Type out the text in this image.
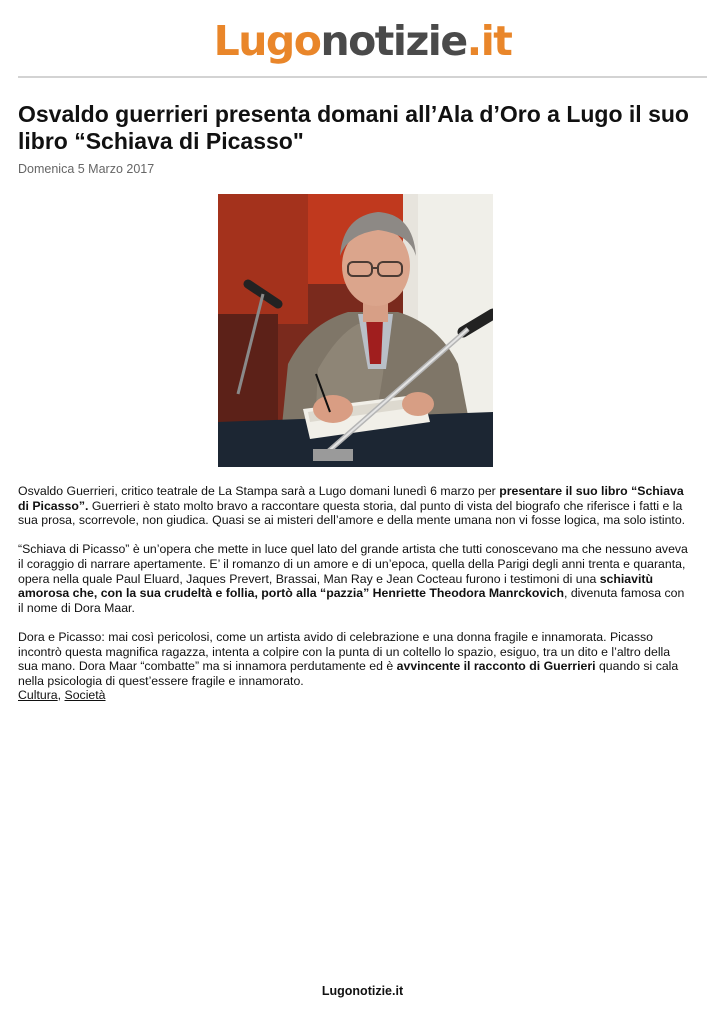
Lugonotizie.it
Osvaldo guerrieri presenta domani all’Ala d’Oro a Lugo il suo libro “Schiava di Picasso"
Domenica 5 Marzo 2017

Osvaldo Guerrieri, critico teatrale de La Stampa sarà a Lugo domani lunedì 6 marzo per presentare il suo libro “Schiava di Picasso”. Guerrieri è stato molto bravo a raccontare questa storia, dal punto di vista del biografo che riferisce i fatti e la sua prosa, scorrevole, non giudica. Quasi se ai misteri dell’amore e della mente umana non vi fosse logica, ma solo istinto.

“Schiava di Picasso” è un’opera che mette in luce quel lato del grande artista che tutti conoscevano ma che nessuno aveva il coraggio di narrare apertamente. E’ il romanzo di un amore e di un’epoca, quella della Parigi degli anni trenta e quaranta, opera nella quale Paul Eluard, Jaques Prevert, Brassai, Man Ray e Jean Cocteau furono i testimoni di una schiavitù amorosa che, con la sua crudeltà e follia, portò alla “pazzia” Henriette Theodora Manrckovich, divenuta famosa con il nome di Dora Maar.

Dora e Picasso: mai così pericolosi, come un artista avido di celebrazione e una donna fragile e innamorata. Picasso incontrò questa magnifica ragazza, intenta a colpire con la punta di un coltello lo spazio, esiguo, tra un dito e l’altro della sua mano. Dora Maar “combatte” ma si innamora perdutamente ed è avvincente il racconto di Guerrieri quando si cala nella psicologia di quest’essere fragile e innamorato.

Cultura, Società
Lugonotizie.it
